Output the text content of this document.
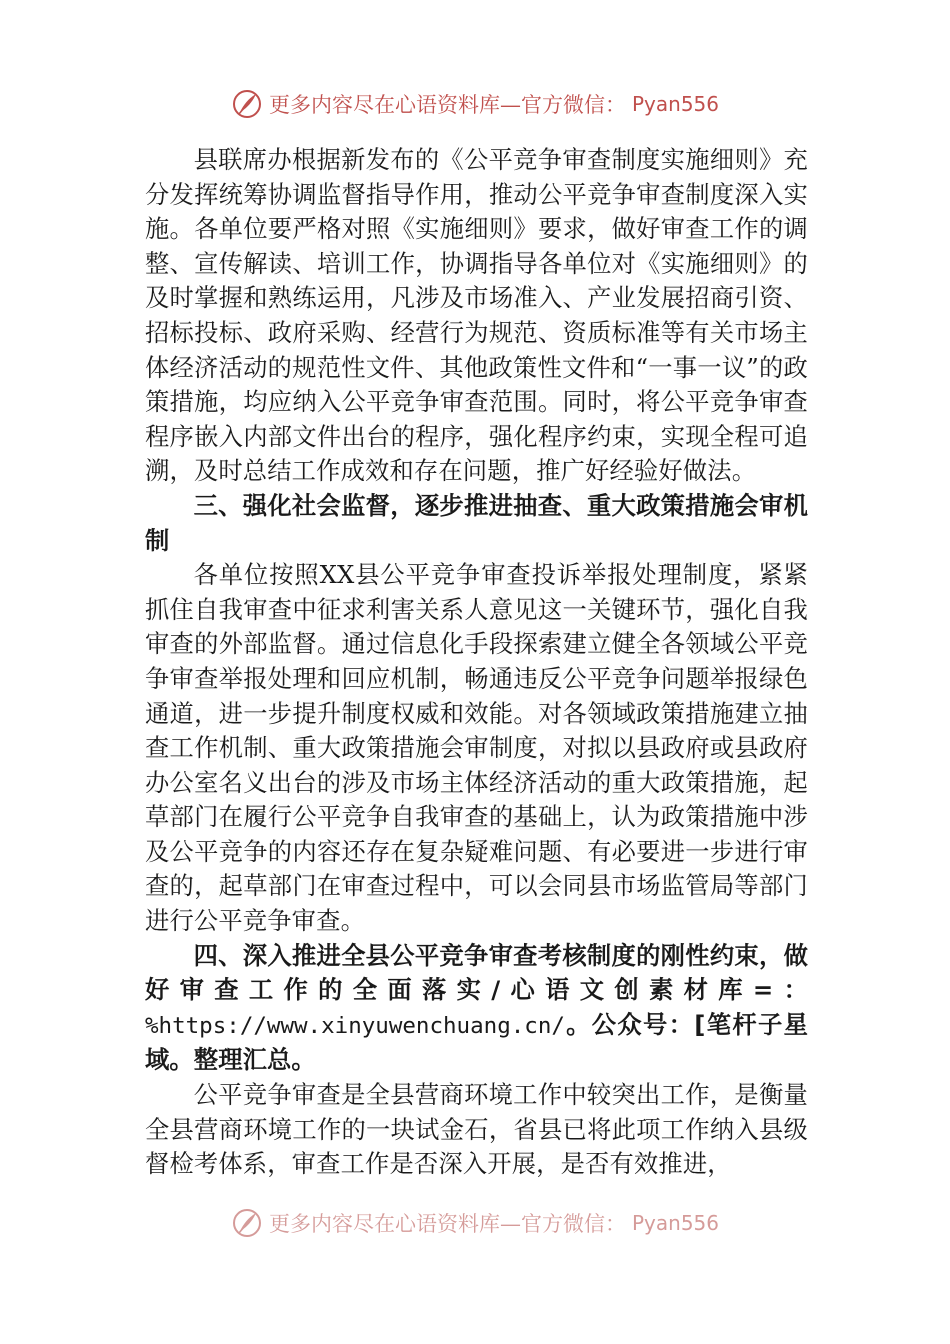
更多内容尽在心语资料库—官方微信： Pyan556

县联席办根据新发布的《公平竞争审查制度实施细则》充分发挥统筹协调监督指导作用，推动公平竞争审查制度深入实施。各单位要严格对照《实施细则》要求，做好审查工作的调整、宣传解读、培训工作，协调指导各单位对《实施细则》的及时掌握和熟练运用，凡涉及市场准入、产业发展招商引资、招标投标、政府采购、经营行为规范、资质标准等有关市场主体经济活动的规范性文件、其他政策性文件和“一事一议”的政策措施，均应纳入公平竞争审查范围。同时，将公平竞争审查程序嵌入内部文件出台的程序，强化程序约束，实现全程可追溯，及时总结工作成效和存在问题，推广好经验好做法。

三、强化社会监督，逐步推进抽查、重大政策措施会审机制

各单位按照XX县公平竞争审查投诉举报处理制度，紧紧抓住自我审查中征求利害关系人意见这一关键环节，强化自我审查的外部监督。通过信息化手段探索建立健全各领域公平竞争审查举报处理和回应机制，畅通违反公平竞争问题举报绿色通道，进一步提升制度权威和效能。对各领域政策措施建立抽查工作机制、重大政策措施会审制度，对拟以县政府或县政府办公室名义出台的涉及市场主体经济活动的重大政策措施，起草部门在履行公平竞争自我审查的基础上，认为政策措施中涉及公平竞争的内容还存在复杂疑难问题、有必要进一步进行审查的，起草部门在审查过程中，可以会同县市场监管局等部门进行公平竞争审查。

四、深入推进全县公平竞争审查考核制度的刚性约束，做好审查工作的全面落实/心语文创素材库=：%https://www.xinyuwenchuang.cn/。公众号：[笔杆子星域。整理汇总。

公平竞争审查是全县营商环境工作中较突出工作，是衡量全县营商环境工作的一块试金石，省县已将此项工作纳入县级督检考体系，审查工作是否深入开展，是否有效推进，

更多内容尽在心语资料库—官方微信： Pyan556
